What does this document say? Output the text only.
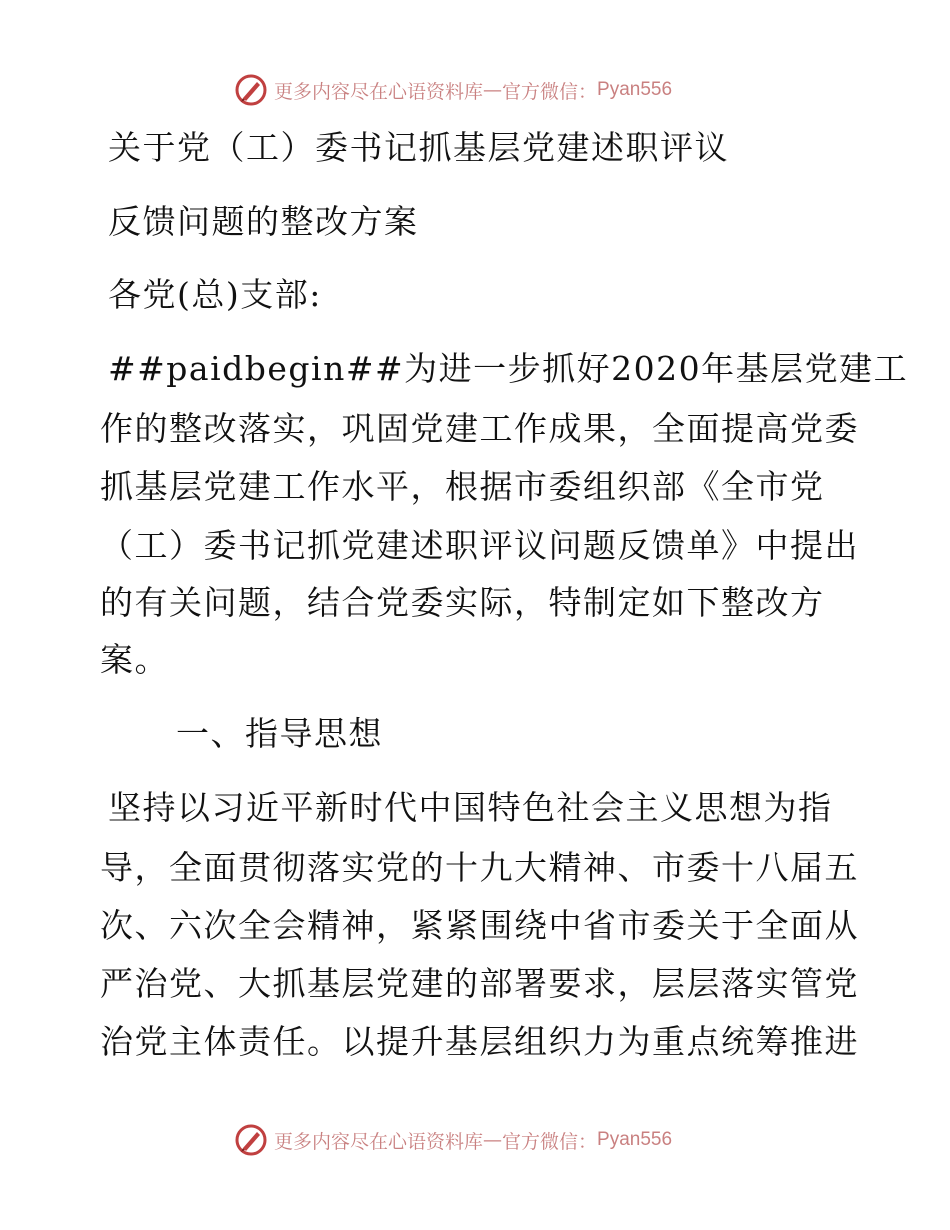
更多内容尽在心语资料库 — 官方微信： Pyan556
关于党（工）委书记抓基层党建述职评议
反馈问题的整改方案
各党(总)支部:
##paidbegin##为进一步抓好2020年基层党建工
作的整改落实，巩固党建工作成果，全面提高党委
抓基层党建工作水平，根据市委组织部《全市党
（工）委书记抓党建述职评议问题反馈单》中提出
的有关问题，结合党委实际，特制定如下整改方
案。
一、指导思想
坚持以习近平新时代中国特色社会主义思想为指
导，全面贯彻落实党的十九大精神、市委十八届五
次、六次全会精神，紧紧围绕中省市委关于全面从
严治党、大抓基层党建的部署要求，层层落实管党
治党主体责任。以提升基层组织力为重点统筹推进
更多内容尽在心语资料库 — 官方微信： Pyan556
